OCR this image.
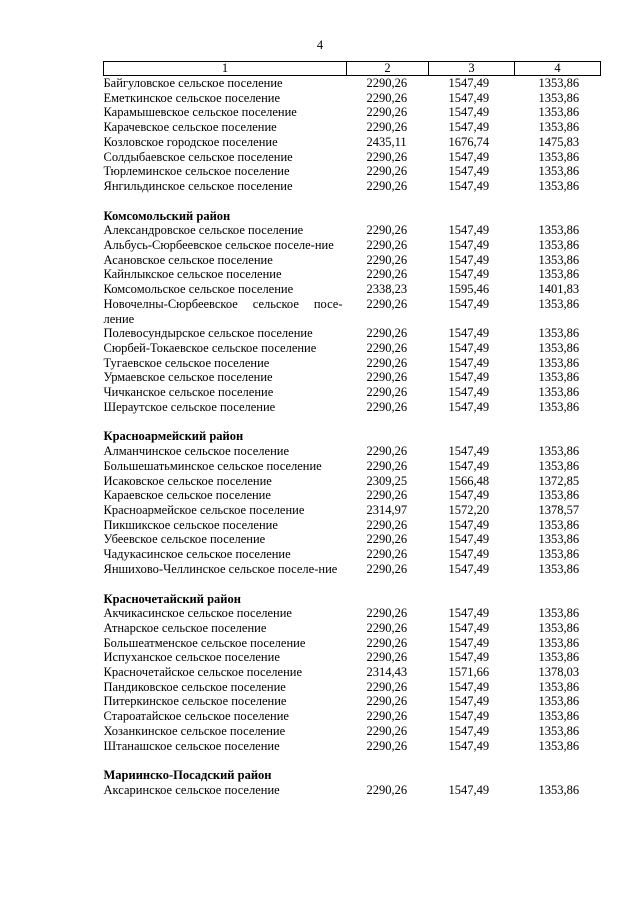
4
1	2	3	4
Байгуловское сельское поселение	2290,26	1547,49	1353,86
Еметкинское сельское поселение	2290,26	1547,49	1353,86
Карамышевское сельское поселение	2290,26	1547,49	1353,86
Карачевское сельское поселение	2290,26	1547,49	1353,86
Козловское городское поселение	2435,11	1676,74	1475,83
Солдыбаевское сельское поселение	2290,26	1547,49	1353,86
Тюрлеминское сельское поселение	2290,26	1547,49	1353,86
Янгильдинское сельское поселение	2290,26	1547,49	1353,86

Комсомольский район			
Александровское сельское поселение	2290,26	1547,49	1353,86
Альбусь-Сюрбеевское сельское поселе-ние	2290,26	1547,49	1353,86
Асановское сельское поселение	2290,26	1547,49	1353,86
Кайнлыкское сельское поселение	2290,26	1547,49	1353,86
Комсомольское сельское поселение	2338,23	1595,46	1401,83
Новочелны-Сюрбеевское сельское посе-ление	2290,26	1547,49	1353,86
Полевосундырское сельское поселение	2290,26	1547,49	1353,86
Сюрбей-Токаевское сельское поселение	2290,26	1547,49	1353,86
Тугаевское сельское поселение	2290,26	1547,49	1353,86
Урмаевское сельское поселение	2290,26	1547,49	1353,86
Чичканское сельское поселение	2290,26	1547,49	1353,86
Шераутское сельское поселение	2290,26	1547,49	1353,86

Красноармейский район			
Алманчинское сельское поселение	2290,26	1547,49	1353,86
Большешатьминское сельское поселение	2290,26	1547,49	1353,86
Исаковское сельское поселение	2309,25	1566,48	1372,85
Караевское сельское поселение	2290,26	1547,49	1353,86
Красноармейское сельское поселение	2314,97	1572,20	1378,57
Пикшикское сельское поселение	2290,26	1547,49	1353,86
Убеевское сельское поселение	2290,26	1547,49	1353,86
Чадукасинское сельское поселение	2290,26	1547,49	1353,86
Яншихово-Челлинское сельское поселе-ние	2290,26	1547,49	1353,86

Красночетайский район			
Акчикасинское сельское поселение	2290,26	1547,49	1353,86
Атнарское сельское поселение	2290,26	1547,49	1353,86
Большеатменское сельское поселение	2290,26	1547,49	1353,86
Испуханское сельское поселение	2290,26	1547,49	1353,86
Красночетайское сельское поселение	2314,43	1571,66	1378,03
Пандиковское сельское поселение	2290,26	1547,49	1353,86
Питеркинское сельское поселение	2290,26	1547,49	1353,86
Староатайское сельское поселение	2290,26	1547,49	1353,86
Хозанкинское сельское поселение	2290,26	1547,49	1353,86
Штанашское сельское поселение	2290,26	1547,49	1353,86

Мариинско-Посадский район			
Аксаринское сельское поселение	2290,26	1547,49	1353,86
